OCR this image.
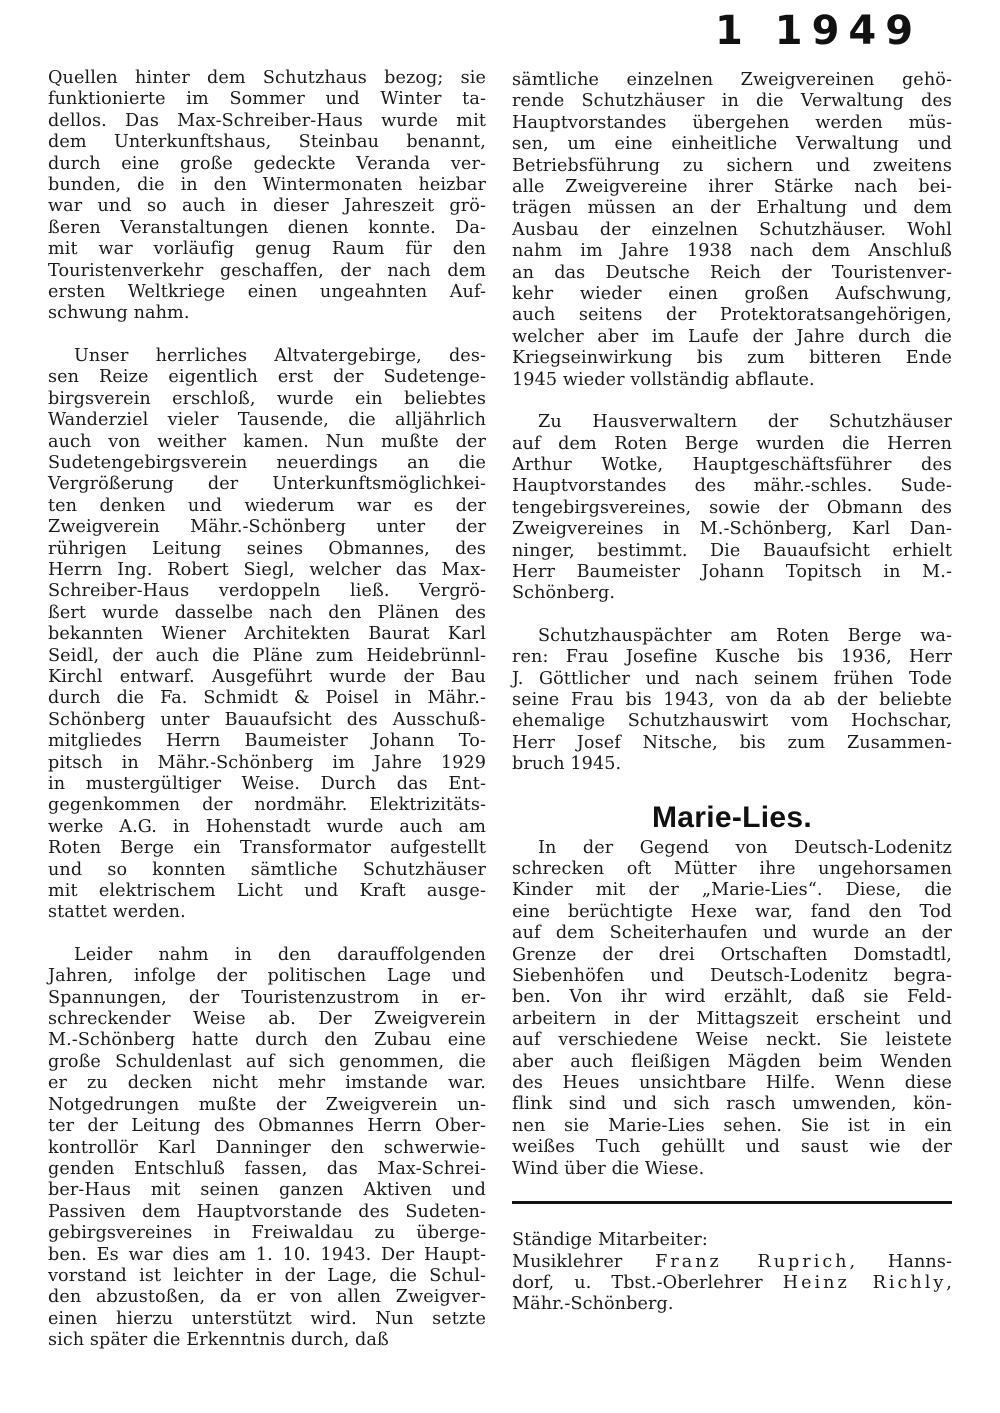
1 1949
Quellen hinter dem Schutzhaus bezog; sie
funktionierte im Sommer und Winter ta-
dellos. Das Max-Schreiber-Haus wurde mit
dem Unterkunftshaus, Steinbau benannt,
durch eine große gedeckte Veranda ver-
bunden, die in den Wintermonaten heizbar
war und so auch in dieser Jahreszeit grö-
ßeren Veranstaltungen dienen konnte. Da-
mit war vorläufig genug Raum für den
Touristenverkehr geschaffen, der nach dem
ersten Weltkriege einen ungeahnten Auf-
schwung nahm.
Unser herrliches Altvatergebirge, des-
sen Reize eigentlich erst der Sudetenge-
birgsverein erschloß, wurde ein beliebtes
Wanderziel vieler Tausende, die alljährlich
auch von weither kamen. Nun mußte der
Sudetengebirgsverein neuerdings an die
Vergrößerung der Unterkunftsmöglichkei-
ten denken und wiederum war es der
Zweigverein Mähr.-Schönberg unter der
rührigen Leitung seines Obmannes, des
Herrn Ing. Robert Siegl, welcher das Max-
Schreiber-Haus verdoppeln ließ. Vergrö-
ßert wurde dasselbe nach den Plänen des
bekannten Wiener Architekten Baurat Karl
Seidl, der auch die Pläne zum Heidebrünnl-
Kirchl entwarf. Ausgeführt wurde der Bau
durch die Fa. Schmidt & Poisel in Mähr.-
Schönberg unter Bauaufsicht des Ausschuß-
mitgliedes Herrn Baumeister Johann To-
pitsch in Mähr.-Schönberg im Jahre 1929
in mustergültiger Weise. Durch das Ent-
gegenkommen der nordmähr. Elektrizitäts-
werke A.G. in Hohenstadt wurde auch am
Roten Berge ein Transformator aufgestellt
und so konnten sämtliche Schutzhäuser
mit elektrischem Licht und Kraft ausge-
stattet werden.
Leider nahm in den darauffolgenden
Jahren, infolge der politischen Lage und
Spannungen, der Touristenzustrom in er-
schreckender Weise ab. Der Zweigverein
M.-Schönberg hatte durch den Zubau eine
große Schuldenlast auf sich genommen, die
er zu decken nicht mehr imstande war.
Notgedrungen mußte der Zweigverein un-
ter der Leitung des Obmannes Herrn Ober-
kontrollör Karl Danninger den schwerwie-
genden Entschluß fassen, das Max-Schrei-
ber-Haus mit seinen ganzen Aktiven und
Passiven dem Hauptvorstande des Sudeten-
gebirgsvereines in Freiwaldau zu überge-
ben. Es war dies am 1. 10. 1943. Der Haupt-
vorstand ist leichter in der Lage, die Schul-
den abzustoßen, da er von allen Zweigver-
einen hierzu unterstützt wird. Nun setzte
sich später die Erkenntnis durch, daß
sämtliche einzelnen Zweigvereinen gehö-
rende Schutzhäuser in die Verwaltung des
Hauptvorstandes übergehen werden müs-
sen, um eine einheitliche Verwaltung und
Betriebsführung zu sichern und zweitens
alle Zweigvereine ihrer Stärke nach bei-
trägen müssen an der Erhaltung und dem
Ausbau der einzelnen Schutzhäuser. Wohl
nahm im Jahre 1938 nach dem Anschluß
an das Deutsche Reich der Touristenver-
kehr wieder einen großen Aufschwung,
auch seitens der Protektoratsangehörigen,
welcher aber im Laufe der Jahre durch die
Kriegseinwirkung bis zum bitteren Ende
1945 wieder vollständig abflaute.
Zu Hausverwaltern der Schutzhäuser
auf dem Roten Berge wurden die Herren
Arthur Wotke, Hauptgeschäftsführer des
Hauptvorstandes des mähr.-schles. Sude-
tengebirgsvereines, sowie der Obmann des
Zweigvereines in M.-Schönberg, Karl Dan-
ninger, bestimmt. Die Bauaufsicht erhielt
Herr Baumeister Johann Topitsch in M.-
Schönberg.
Schutzhauspächter am Roten Berge wa-
ren: Frau Josefine Kusche bis 1936, Herr
J. Göttlicher und nach seinem frühen Tode
seine Frau bis 1943, von da ab der beliebte
ehemalige Schutzhauswirt vom Hochschar,
Herr Josef Nitsche, bis zum Zusammen-
bruch 1945.
Marie-Lies.
In der Gegend von Deutsch-Lodenitz
schrecken oft Mütter ihre ungehorsamen
Kinder mit der „Marie-Lies“. Diese, die
eine berüchtigte Hexe war, fand den Tod
auf dem Scheiterhaufen und wurde an der
Grenze der drei Ortschaften Domstadtl,
Siebenhöfen und Deutsch-Lodenitz begra-
ben. Von ihr wird erzählt, daß sie Feld-
arbeitern in der Mittagszeit erscheint und
auf verschiedene Weise neckt. Sie leistete
aber auch fleißigen Mägden beim Wenden
des Heues unsichtbare Hilfe. Wenn diese
flink sind und sich rasch umwenden, kön-
nen sie Marie-Lies sehen. Sie ist in ein
weißes Tuch gehüllt und saust wie der
Wind über die Wiese.
Ständige Mitarbeiter:
Musiklehrer Franz Ruprich, Hanns-
dorf, u. Tbst.-Oberlehrer Heinz Richly,
Mähr.-Schönberg.
